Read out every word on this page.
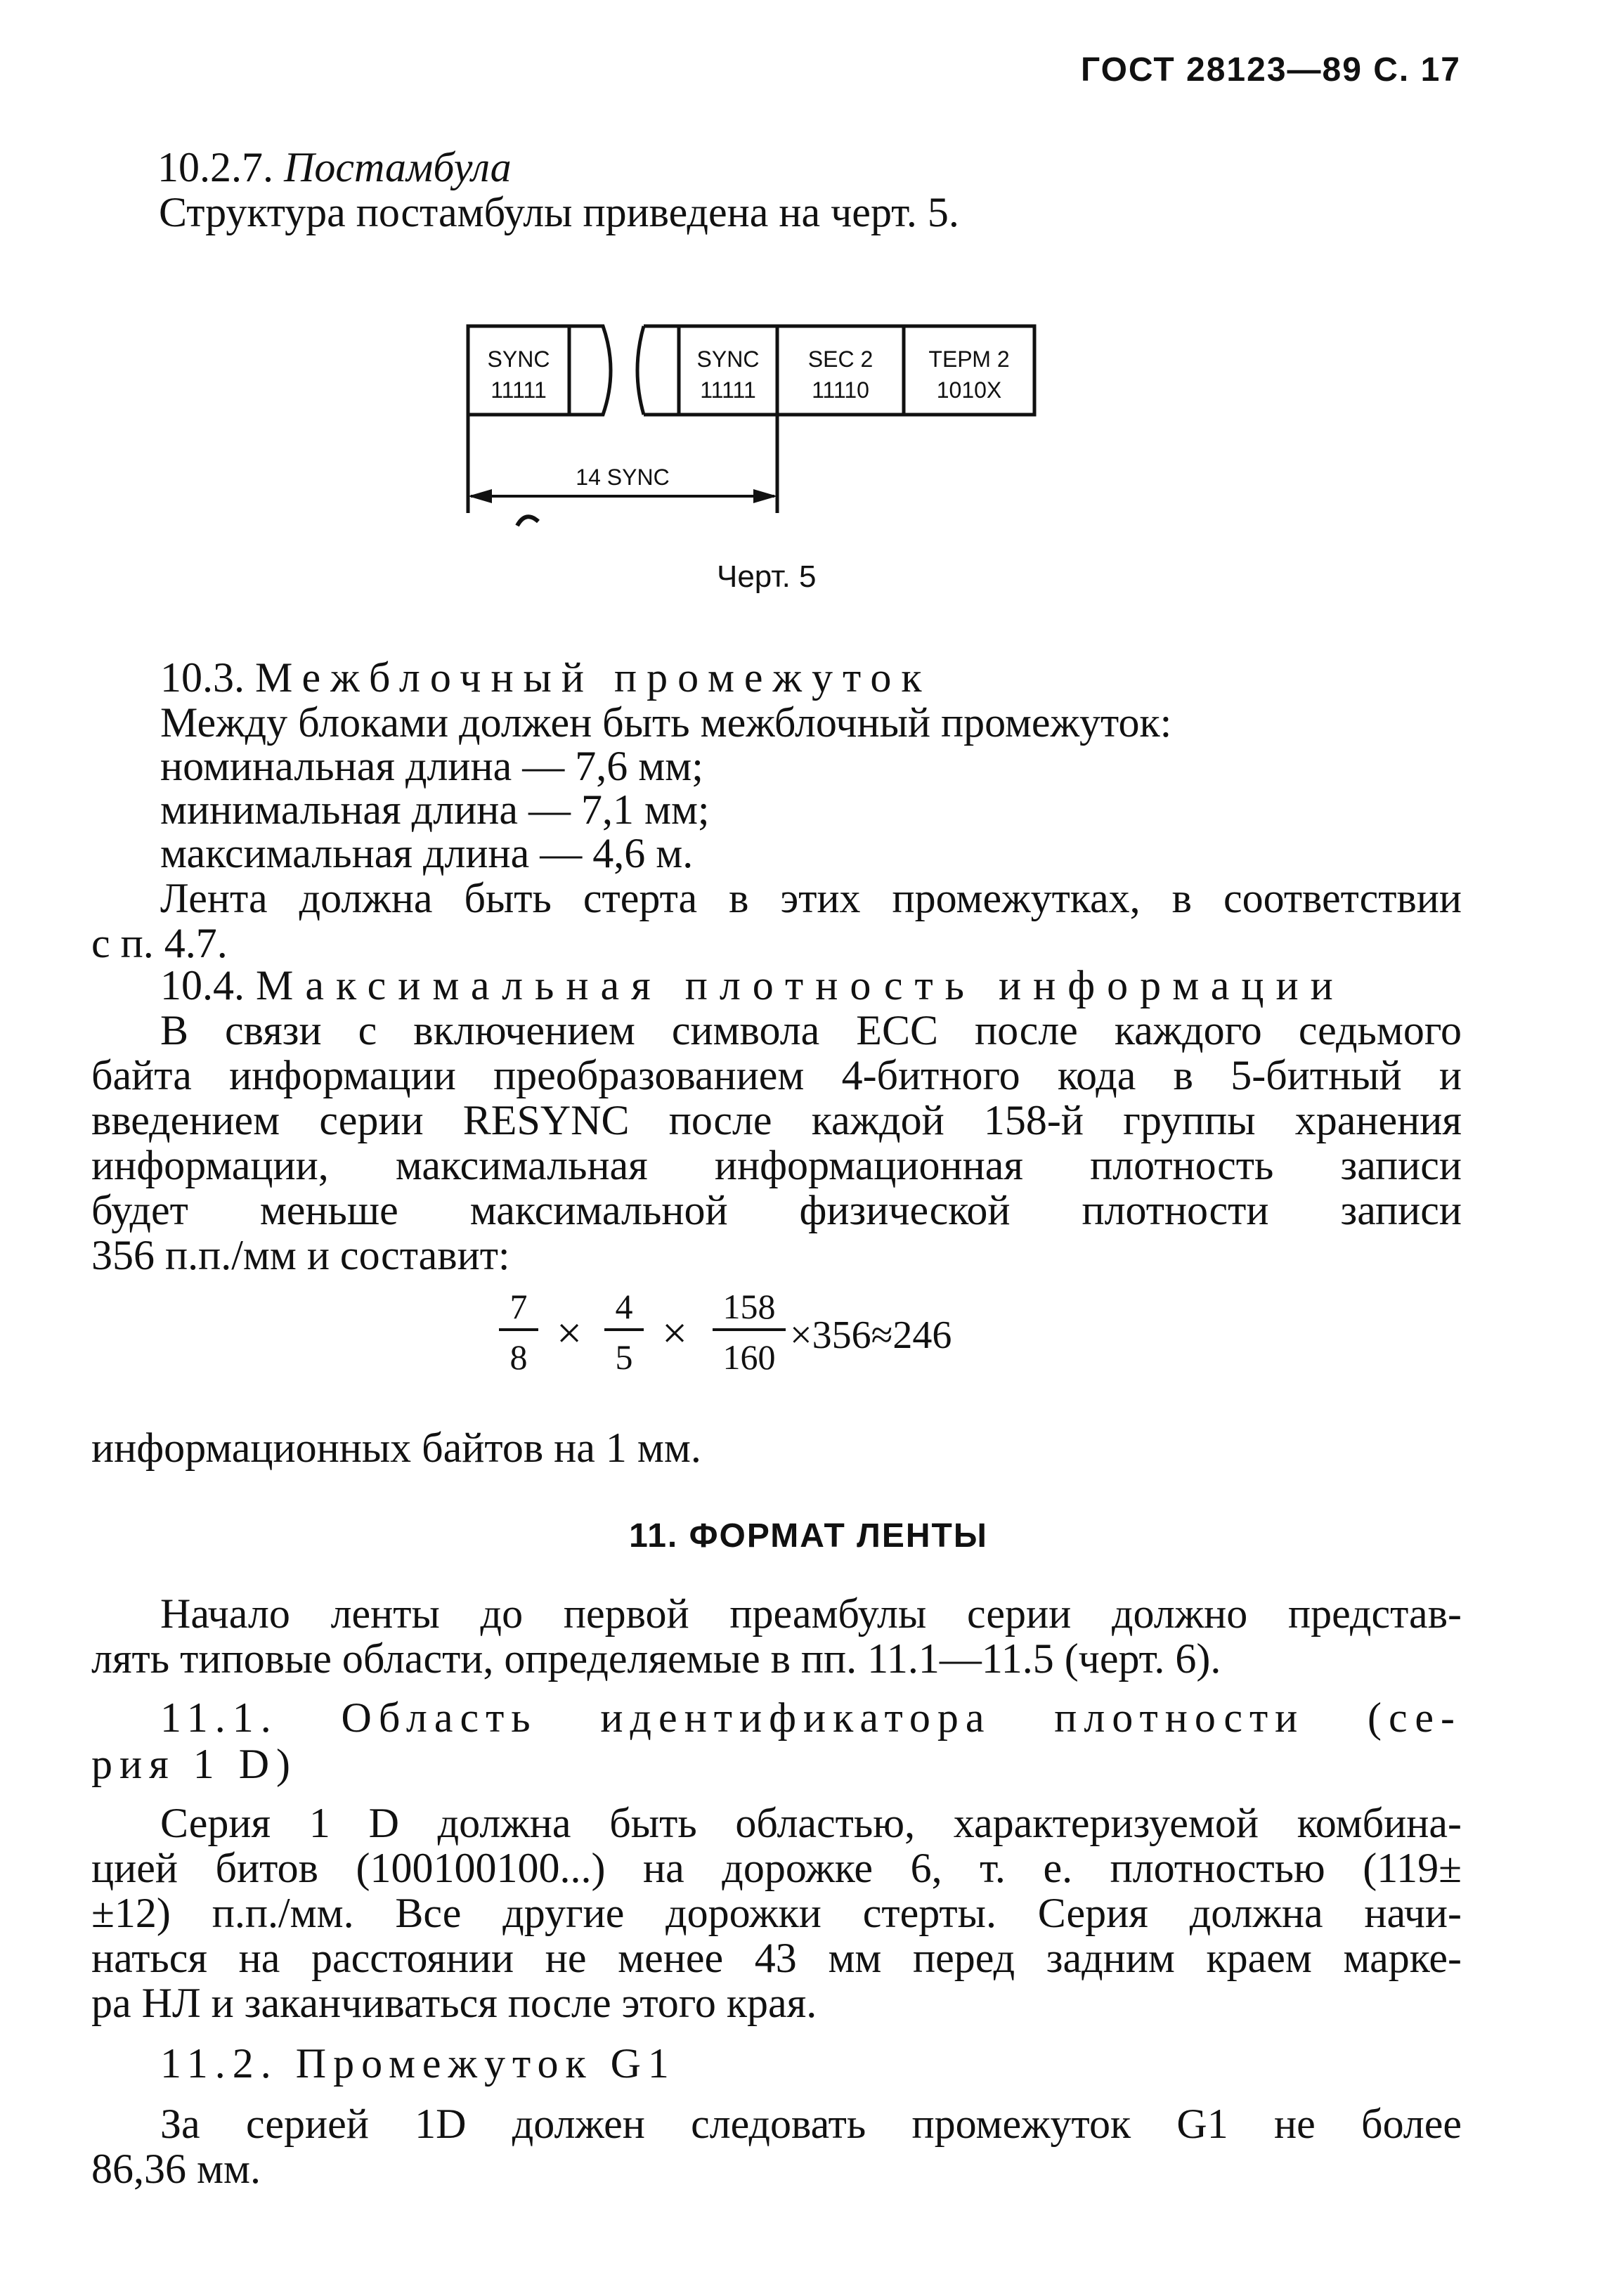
ГОСТ 28123—89 С. 17
10.2.7. Постамбула
Структура постамбулы приведена на черт. 5.
SYNC
11111
SYNC
11111
SEC 2
11110
ТЕРМ 2
1010X
14 SYNC
Черт. 5
10.3. Межблочный промежуток
Между блоками должен быть межблочный промежуток:
номинальная длина — 7,6 мм;
минимальная длина — 7,1 мм;
максимальная длина — 4,6 м.
Лента должна быть стерта в этих промежутках, в соответствии
с п. 4.7.
10.4. Максимальная плотность информации
В связи с включением символа ЕСС после каждого седьмого
байта информации преобразованием 4-битного кода в 5-битный и
введением серии RESYNC после каждой 158-й группы хранения
информации, максимальная информационная плотность записи
будет меньше максимальной физической плотности записи
356 п.п./мм и составит:
7
8 ×
4
5 ×
158
160 ×356≈246
информационных байтов на 1 мм.
11. ФОРМАТ ЛЕНТЫ
Начало ленты до первой преамбулы серии должно представ-
лять типовые области, определяемые в пп. 11.1—11.5 (черт. 6).
11.1. Область идентификатора плотности (се-
рия 1 D)
Серия 1 D должна быть областью, характеризуемой комбина-
цией битов (100100100...) на дорожке 6, т. е. плотностью (119±
±12) п.п./мм. Все другие дорожки стерты. Серия должна начи-
наться на расстоянии не менее 43 мм перед задним краем марке-
ра НЛ и заканчиваться после этого края.
11.2. Промежуток G1
За серией 1D должен следовать промежуток G1 не более
86,36 мм.
